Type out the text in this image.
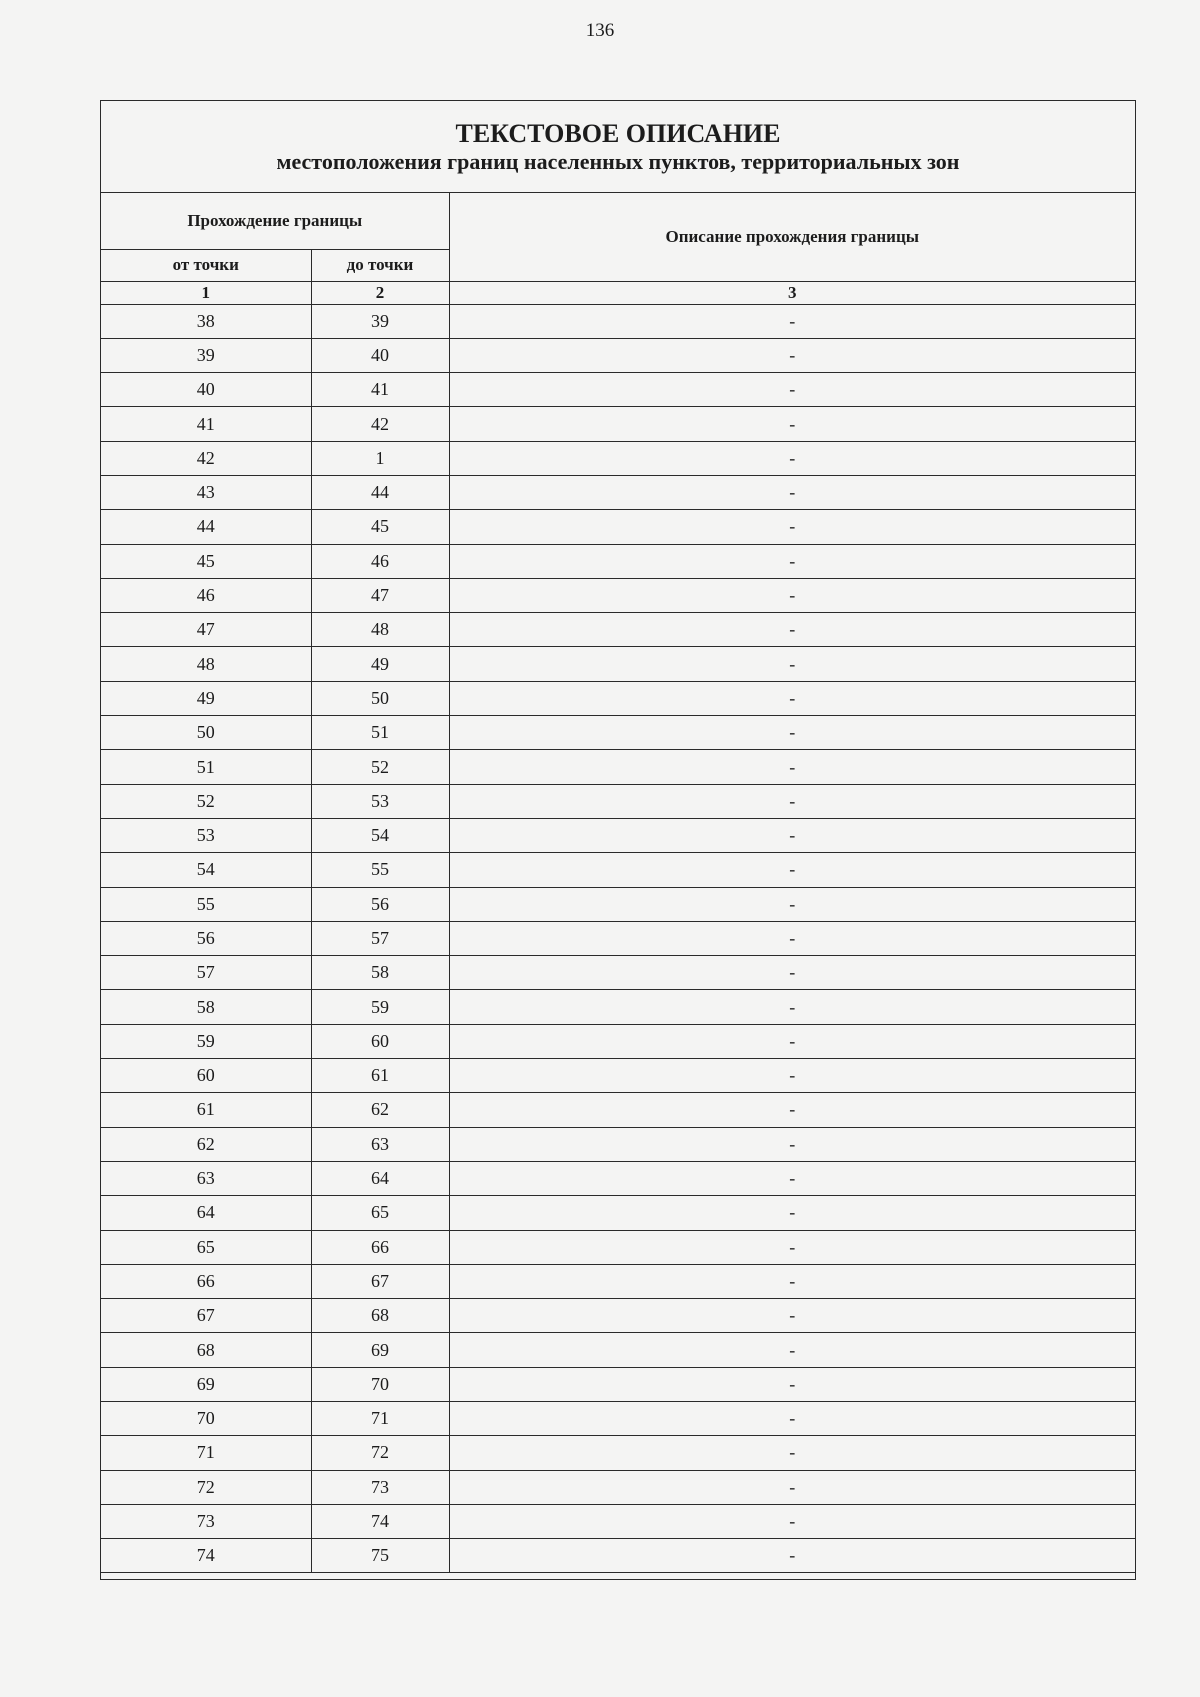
136
ТЕКСТОВОЕ ОПИСАНИЕ
местоположения границ населенных пунктов, территориальных зон
Прохождение границы		Описание прохождения границы
от точки	до точки	
1	2	3
38	39	-
39	40	-
40	41	-
41	42	-
42	1	-
43	44	-
44	45	-
45	46	-
46	47	-
47	48	-
48	49	-
49	50	-
50	51	-
51	52	-
52	53	-
53	54	-
54	55	-
55	56	-
56	57	-
57	58	-
58	59	-
59	60	-
60	61	-
61	62	-
62	63	-
63	64	-
64	65	-
65	66	-
66	67	-
67	68	-
68	69	-
69	70	-
70	71	-
71	72	-
72	73	-
73	74	-
74	75	-
